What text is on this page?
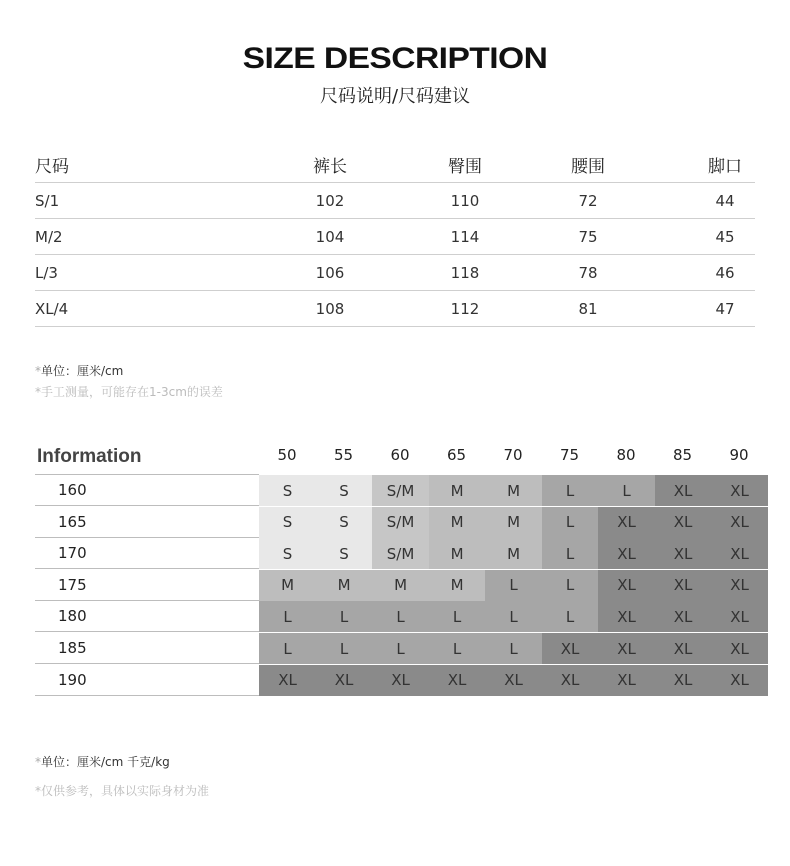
SIZE DESCRIPTION
尺码说明/尺码建议
尺码	裤长	臀围	腰围	脚口
S/1	102	110	72	44
M/2	104	114	75	45
L/3	106	118	78	46
XL/4	108	112	81	47
*单位：厘米/cm
*手工测量，可能存在1-3cm的误差
Information	50	55	60	65	70	75	80	85	90
160	S	S	S/M	M	M	L	L	XL	XL
165	S	S	S/M	M	M	L	XL	XL	XL
170	S	S	S/M	M	M	L	XL	XL	XL
175	M	M	M	M	L	L	XL	XL	XL
180	L	L	L	L	L	L	XL	XL	XL
185	L	L	L	L	L	XL	XL	XL	XL
190	XL	XL	XL	XL	XL	XL	XL	XL	XL
*单位：厘米/cm 千克/kg
*仅供参考，具体以实际身材为准
